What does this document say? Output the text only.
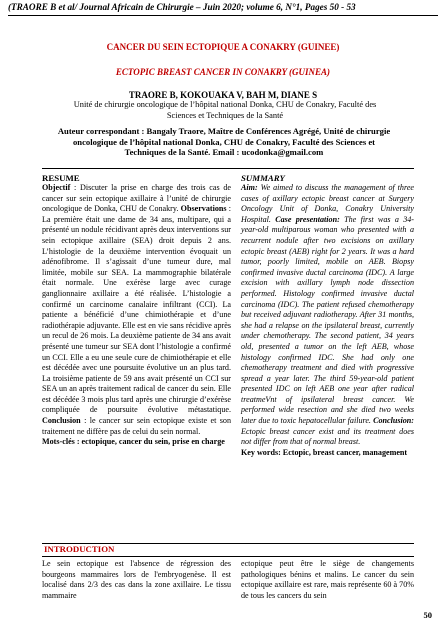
(TRAORE B et al/ Journal Africain de Chirurgie – Juin 2020; volume 6, N°1, Pages 50 - 53
CANCER DU SEIN ECTOPIQUE A CONAKRY (GUINEE)
ECTOPIC BREAST CANCER IN CONAKRY (GUINEA)
TRAORE B, KOKOUAKA V, BAH M, DIANE S
Unité de chirurgie oncologique de l’hôpital national Donka, CHU de Conakry, Faculté des
Sciences et Techniques de la Santé
Auteur correspondant : Bangaly Traore, Maître de Conférences Agrégé, Unité de chirurgie
oncologique de l’hôpital national Donka, CHU de Conakry, Faculté des Sciences et
Techniques de la Santé. Email : ucodonka@gmail.com
RESUME
Objectif : Discuter la prise en charge des trois cas de cancer sur sein ectopique axillaire à l’unité de chirurgie oncologique de Donka, CHU de Conakry. Observations : La première était une dame de 34 ans, multipare, qui a présenté un nodule récidivant après deux interventions sur sein ectopique axillaire (SEA) droit depuis 2 ans. L’histologie de la deuxième intervention évoquait un adénofibrome. Il s’agissait d’une tumeur dure, mal limitée, mobile sur SEA. La mammographie bilatérale était normale. Une exérèse large avec curage ganglionnaire axillaire a été réalisée. L’histologie a confirmé un carcinome canalaire infiltrant (CCI). La patiente a bénéficié d’une chimiothérapie et d’une radiothérapie adjuvante. Elle est en vie sans récidive après un recul de 26 mois. La deuxième patiente de 34 ans avait présenté une tumeur sur SEA dont l’histologie a confirmé un CCI. Elle a eu une seule cure de chimiothérapie et elle est décédée avec une poursuite évolutive un an plus tard. La troisième patiente de 59 ans avait présenté un CCI sur SEA un an après traitement radical de cancer du sein. Elle est décédée 3 mois plus tard après une chirurgie d’exérèse compliquée de poursuite évolutive métastatique. Conclusion : le cancer sur sein ectopique existe et son traitement ne diffère pas de celui du sein normal.
Mots-clés : ectopique, cancer du sein, prise en charge
SUMMARY
Aim: We aimed to discuss the management of three cases of axillary ectopic breast cancer at Surgery Oncology Unit of Donka, Conakry University Hospital. Case presentation: The first was a 34-year-old multiparous woman who presented with a recurrent nodule after two excisions on axillary ectopic breast (AEB) right for 2 years. It was a hard tumor, poorly limited, mobile on AEB. Biopsy confirmed invasive ductal carcinoma (IDC). A large excision with axillary lymph node dissection performed. Histology confirmed invasive ductal carcinoma (IDC). The patient refused chemotherapy but received adjuvant radiotherapy. After 31 months, she had a relapse on the ipsilateral breast, currently under chemotherapy. The second patient, 34 years old, presented a tumor on the left AEB, whose histology confirmed IDC. She had only one chemotherapy treatment and died with progressive spread a year later. The third 59-year-old patient presented IDC on left AEB one year after radical treatmeVnt of ipsilateral breast cancer. We performed wide resection and she died two weeks later due to toxic hepatocellular failure. Conclusion: Ectopic breast cancer exist and its treatment does not differ from that of normal breast.
Key words: Ectopic, breast cancer, management
INTRODUCTION
Le sein ectopique est l'absence de régression des bourgeons mammaires lors de l'embryogenèse. Il est localisé dans 2/3 des cas dans la zone axillaire. Le tissu mammaire
ectopique peut être le siège de changements pathologiques bénins et malins. Le cancer du sein ectopique axillaire est rare, mais représente 60 à 70% de tous les cancers du sein
50
